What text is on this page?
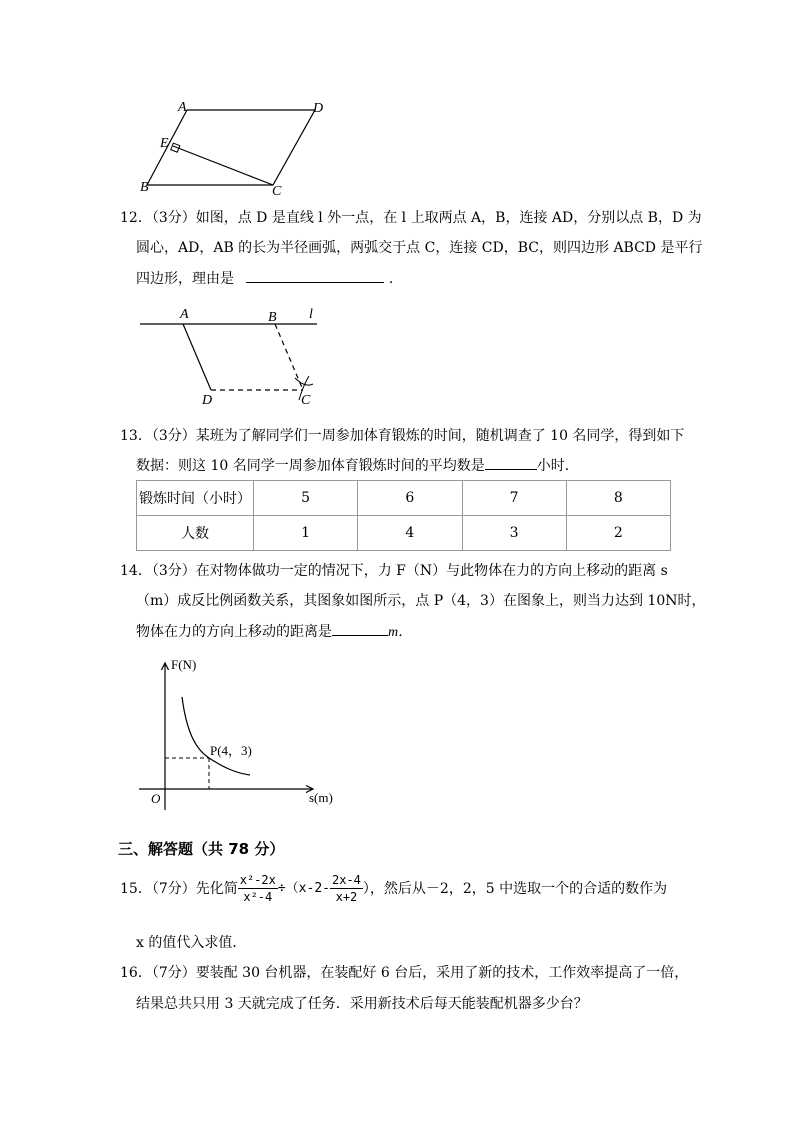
A	D
E
B	C
12．（3分）如图，点 D 是直线 l 外一点，在 l 上取两点 A，B，连接 AD，分别以点 B，D 为
圆心，AD，AB 的长为半径画弧，两弧交于点 C，连接 CD，BC，则四边形 ABCD 是平行
四边形，理由是	.
A	B l
D	C
13．（3分）某班为了解同学们一周参加体育锻炼的时间，随机调查了 10 名同学，得到如下
数据：则这 10 名同学一周参加体育锻炼时间的平均数是	小时．
锻炼时间（小时）	5	6	7	8
人数	1	4	3	2
14．（3分）在对物体做功一定的情况下，力 F（N）与此物体在力的方向上移动的距离 s
（m）成反比例函数关系，其图象如图所示，点 P（4，3）在图象上，则当力达到 10N时，
物体在力的方向上移动的距离是	m．
F(N)
s(m)
O
P(4，3)
三、解答题（共 78 分）
15．（7分）先化简 $\frac{\text{x²-2x}}{\text{x²-4}} \div(x-2- \frac{2x-4}{x+2}$ ），然后从－2，2，5 中选取一个的合适的数作为
x 的值代入求值．
16．（7分）要装配 30 台机器，在装配好 6 台后，采用了新的技术，工作效率提高了一倍，
结果总共只用 3 天就完成了任务．采用新技术后每天能装配机器多少台？
